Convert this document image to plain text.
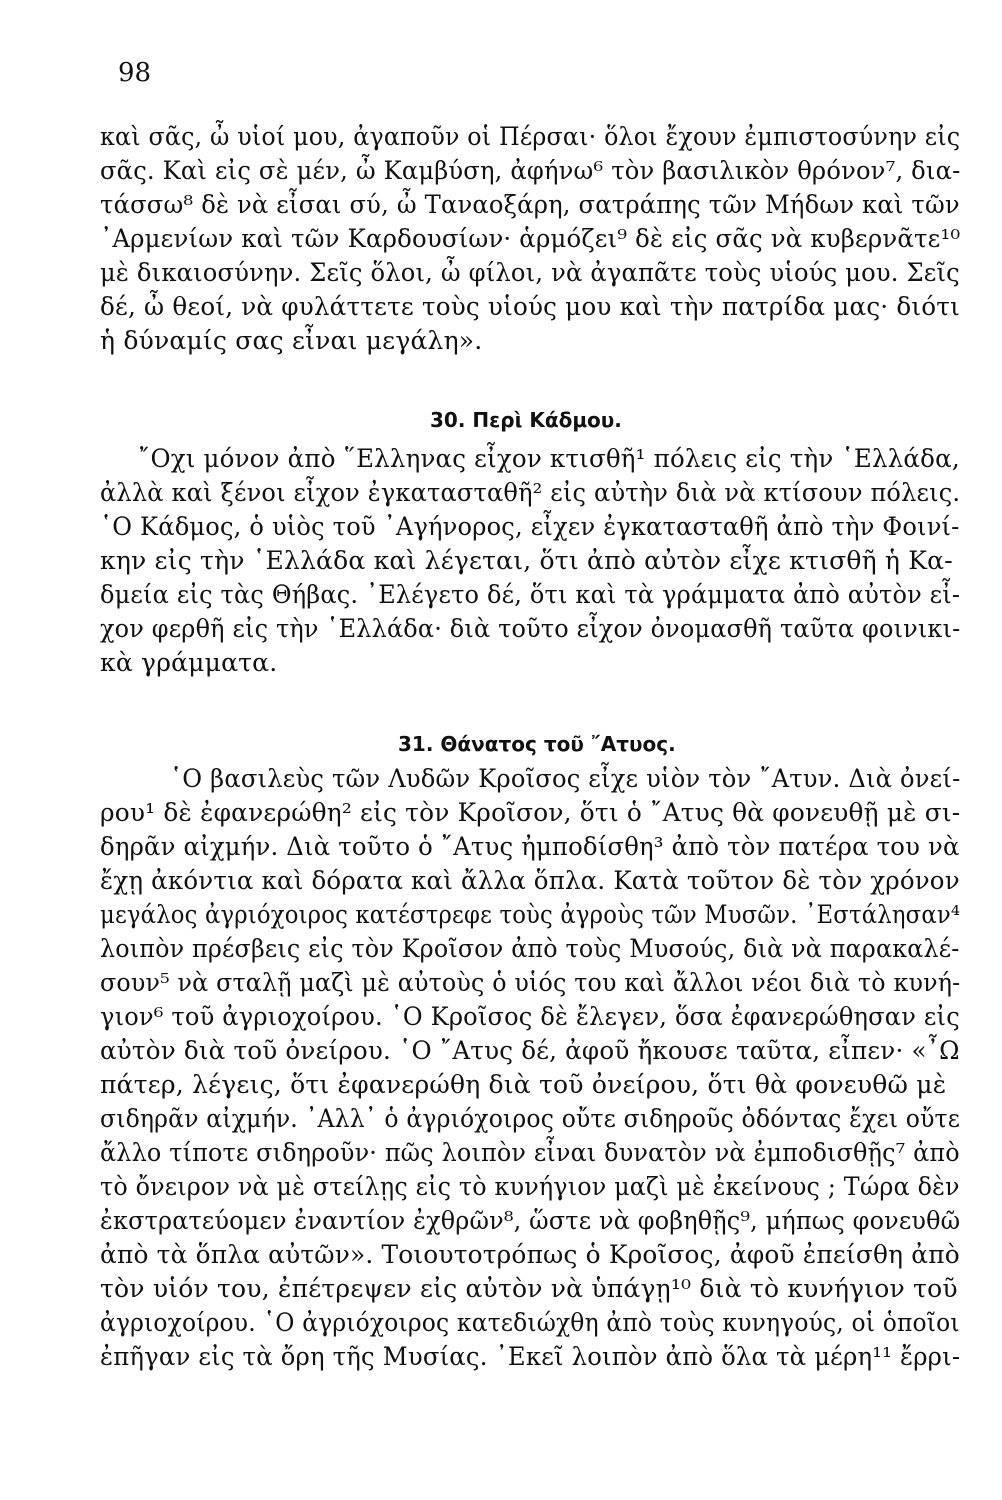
98
καὶ σᾶς, ὦ υἱοί μου, ἀγαποῦν οἱ Πέρσαι· ὅλοι ἔχουν ἐμπιστοσύνην εἰς
σᾶς. Καὶ εἰς σὲ μέν, ὦ Καμβύση, ἀφήνω⁶ τὸν βασιλικὸν θρόνον⁷, δια-
τάσσω⁸ δὲ νὰ εἶσαι σύ, ὦ Ταναοξάρη, σατράπης τῶν Μήδων καὶ τῶν
᾿Αρμενίων καὶ τῶν Καρδουσίων· ἁρμόζει⁹ δὲ εἰς σᾶς νὰ κυβερνᾶτε¹⁰
μὲ δικαιοσύνην. Σεῖς ὅλοι, ὦ φίλοι, νὰ ἀγαπᾶτε τοὺς υἱούς μου. Σεῖς
δέ, ὦ θεοί, νὰ φυλάττετε τοὺς υἱούς μου καὶ τὴν πατρίδα μας· διότι
ἡ δύναμίς σας εἶναι μεγάλη».
30. Περὶ Κάδμου.
῎Οχι μόνον ἀπὸ ῞Ελληνας εἶχον κτισθῆ¹ πόλεις εἰς τὴν ῾Ελλάδα,
ἀλλὰ καὶ ξένοι εἶχον ἐγκατασταθῆ² εἰς αὐτὴν διὰ νὰ κτίσουν πόλεις.
῾Ο Κάδμος, ὁ υἱὸς τοῦ ᾿Αγήνορος, εἶχεν ἐγκατασταθῆ ἀπὸ τὴν Φοινί-
κην εἰς τὴν ῾Ελλάδα καὶ λέγεται, ὅτι ἀπὸ αὐτὸν εἶχε κτισθῆ ἡ Κα-
δμεία εἰς τὰς Θήβας. ᾿Ελέγετο δέ, ὅτι καὶ τὰ γράμματα ἀπὸ αὐτὸν εἶ-
χον φερθῆ εἰς τὴν ῾Ελλάδα· διὰ τοῦτο εἶχον ὀνομασθῆ ταῦτα φοινικι-
κὰ γράμματα.
31. Θάνατος τοῦ ῎Ατυος.
῾Ο βασιλεὺς τῶν Λυδῶν Κροῖσος εἶχε υἱὸν τὸν ῎Ατυν. Διὰ ὀνεί-
ρου¹ δὲ ἐφανερώθη² εἰς τὸν Κροῖσον, ὅτι ὁ ῎Ατυς θὰ φονευθῇ μὲ σι-
δηρᾶν αἰχμήν. Διὰ τοῦτο ὁ ῎Ατυς ἠμποδίσθη³ ἀπὸ τὸν πατέρα του νὰ
ἔχῃ ἀκόντια καὶ δόρατα καὶ ἄλλα ὅπλα. Κατὰ τοῦτον δὲ τὸν χρόνον
μεγάλος ἀγριόχοιρος κατέστρεφε τοὺς ἀγροὺς τῶν Μυσῶν. ᾿Εστάλησαν⁴
λοιπὸν πρέσβεις εἰς τὸν Κροῖσον ἀπὸ τοὺς Μυσούς, διὰ νὰ παρακαλέ-
σουν⁵ νὰ σταλῇ μαζὶ μὲ αὐτοὺς ὁ υἱός του καὶ ἄλλοι νέοι διὰ τὸ κυνή-
γιον⁶ τοῦ ἀγριοχοίρου. ῾Ο Κροῖσος δὲ ἔλεγεν, ὅσα ἐφανερώθησαν εἰς
αὐτὸν διὰ τοῦ ὀνείρου. ῾Ο ῎Ατυς δέ, ἀφοῦ ἤκουσε ταῦτα, εἶπεν· «῏Ω
πάτερ, λέγεις, ὅτι ἐφανερώθη διὰ τοῦ ὀνείρου, ὅτι θὰ φονευθῶ μὲ
σιδηρᾶν αἰχμήν. ᾿Αλλ᾿ ὁ ἀγριόχοιρος οὔτε σιδηροῦς ὀδόντας ἔχει οὔτε
ἄλλο τίποτε σιδηροῦν· πῶς λοιπὸν εἶναι δυνατὸν νὰ ἐμποδισθῇς⁷ ἀπὸ
τὸ ὄνειρον νὰ μὲ στείλῃς εἰς τὸ κυνήγιον μαζὶ μὲ ἐκείνους ; Τώρα δὲν
ἐκστρατεύομεν ἐναντίον ἐχθρῶν⁸, ὥστε νὰ φοβηθῇς⁹, μήπως φονευθῶ
ἀπὸ τὰ ὅπλα αὐτῶν». Τοιουτοτρόπως ὁ Κροῖσος, ἀφοῦ ἐπείσθη ἀπὸ
τὸν υἱόν του, ἐπέτρεψεν εἰς αὐτὸν νὰ ὑπάγῃ¹⁰ διὰ τὸ κυνήγιον τοῦ
ἀγριοχοίρου. ῾Ο ἀγριόχοιρος κατεδιώχθη ἀπὸ τοὺς κυνηγούς, οἱ ὁποῖοι
ἐπῆγαν εἰς τὰ ὄρη τῆς Μυσίας. ᾿Εκεῖ λοιπὸν ἀπὸ ὅλα τὰ μέρη¹¹ ἔρρι-
